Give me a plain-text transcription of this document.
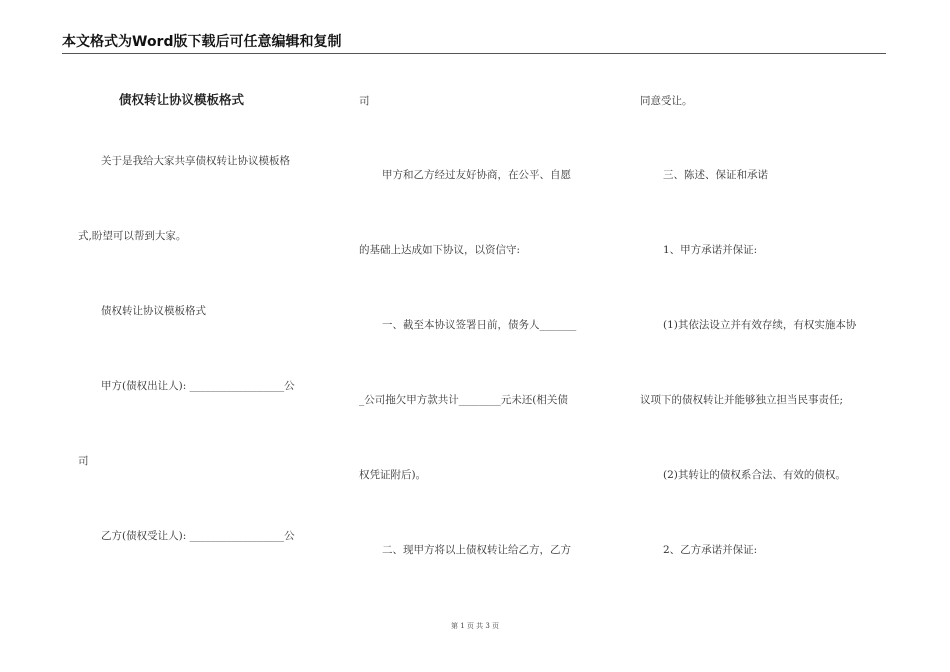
本文格式为Word版下载后可任意编辑和复制
债权转让协议模板格式
关于是我给大家共享债权转让协议模板格
式,盼望可以帮到大家。
债权转让协议模板格式
甲方(债权出让人): __________________公
司
乙方(债权受让人): __________________公
司
甲方和乙方经过友好协商，在公平、自愿
的基础上达成如下协议，以资信守:
一、截至本协议签署日前，债务人_______
_公司拖欠甲方款共计________元未还(相关债
权凭证附后)。
二、现甲方将以上债权转让给乙方，乙方
同意受让。
三、陈述、保证和承诺
1、甲方承诺并保证:
(1)其依法设立并有效存续，有权实施本协
议项下的债权转让并能够独立担当民事责任;
(2)其转让的债权系合法、有效的债权。
2、乙方承诺并保证:
第 1 页 共 3 页
